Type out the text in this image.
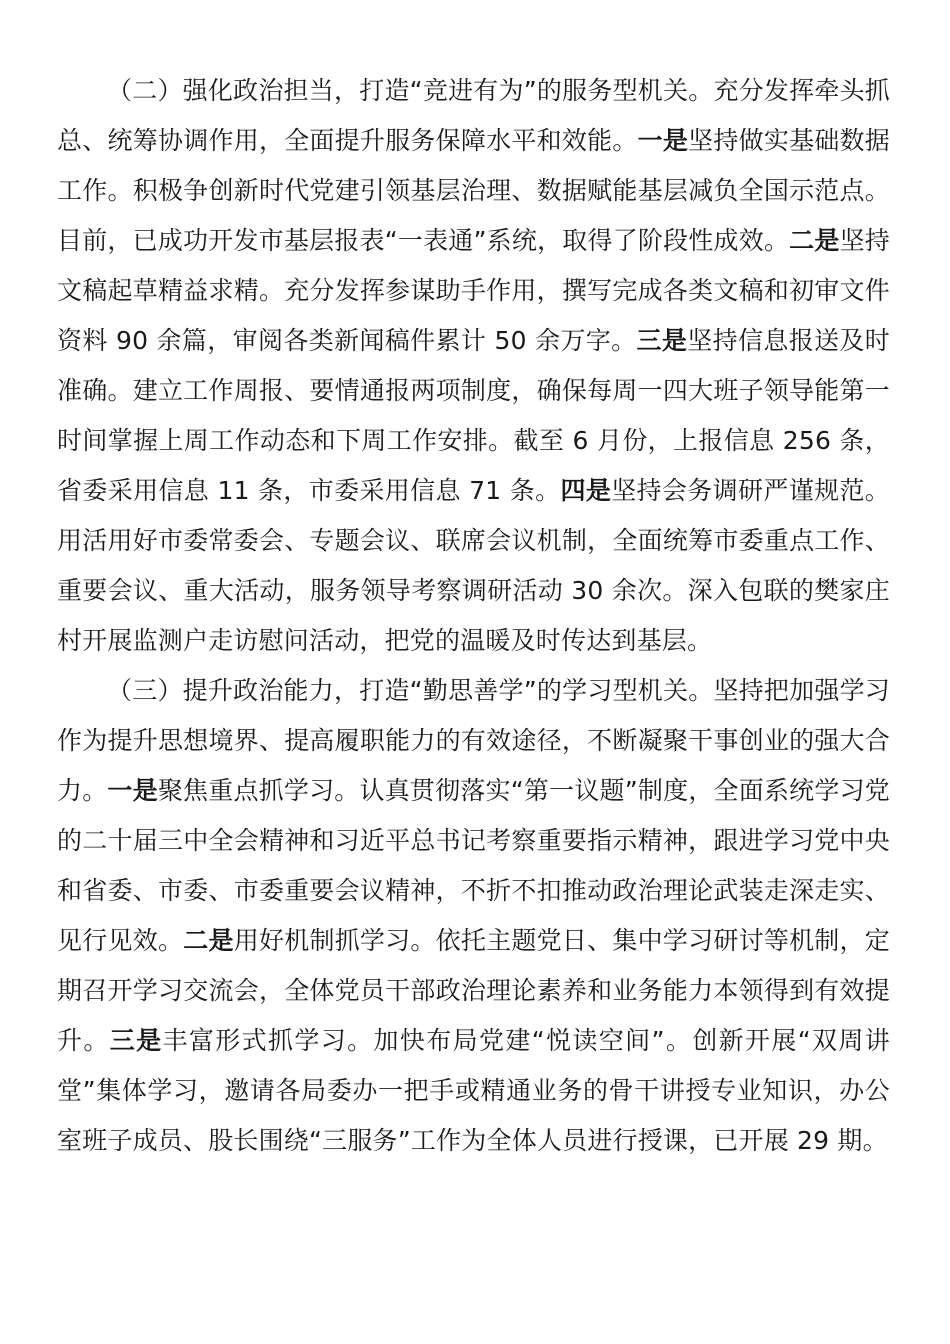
（二）强化政治担当，打造“竞进有为”的服务型机关。充分发挥牵头抓总、统筹协调作用，全面提升服务保障水平和效能。一是坚持做实基础数据工作。积极争创新时代党建引领基层治理、数据赋能基层减负全国示范点。目前，已成功开发市基层报表“一表通”系统，取得了阶段性成效。二是坚持文稿起草精益求精。充分发挥参谋助手作用，撰写完成各类文稿和初审文件资料 90 余篇，审阅各类新闻稿件累计 50 余万字。三是坚持信息报送及时准确。建立工作周报、要情通报两项制度，确保每周一四大班子领导能第一时间掌握上周工作动态和下周工作安排。截至 6 月份，上报信息 256 条，省委采用信息 11 条，市委采用信息 71 条。四是坚持会务调研严谨规范。用活用好市委常委会、专题会议、联席会议机制，全面统筹市委重点工作、重要会议、重大活动，服务领导考察调研活动 30 余次。深入包联的樊家庄村开展监测户走访慰问活动，把党的温暖及时传达到基层。

（三）提升政治能力，打造“勤思善学”的学习型机关。坚持把加强学习作为提升思想境界、提高履职能力的有效途径，不断凝聚干事创业的强大合力。一是聚焦重点抓学习。认真贯彻落实“第一议题”制度，全面系统学习党的二十届三中全会精神和习近平总书记考察重要指示精神，跟进学习党中央和省委、市委、市委重要会议精神，不折不扣推动政治理论武装走深走实、见行见效。二是用好机制抓学习。依托主题党日、集中学习研讨等机制，定期召开学习交流会，全体党员干部政治理论素养和业务能力本领得到有效提升。三是丰富形式抓学习。加快布局党建“悦读空间”。创新开展“双周讲堂”集体学习，邀请各局委办一把手或精通业务的骨干讲授专业知识，办公室班子成员、股长围绕“三服务”工作为全体人员进行授课，已开展 29 期。
